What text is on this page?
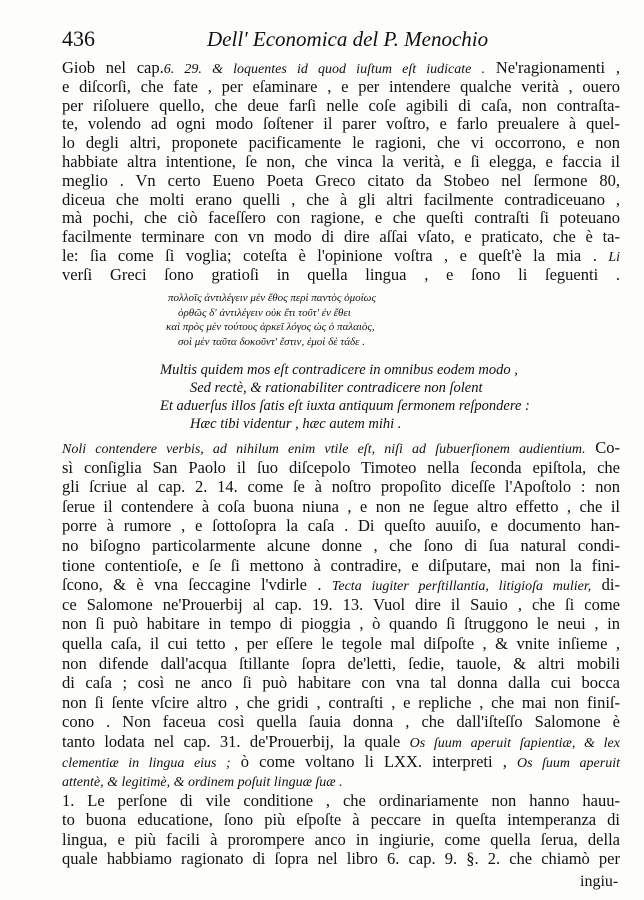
436	Dell' Economica del P. Menochio
Giob nel cap.6. 29. & loquentes id quod iuſtum eſt iudicate . Ne'ragionamenti ,
e diſcorſi, che fate , per eſaminare , e per intendere qualche verità , ouero
per riſoluere quello, che deue farſi nelle coſe agibili di caſa, non contraſta-
te, volendo ad ogni modo ſoſtener il parer voſtro, e farlo preualere à quel-
lo degli altri, proponete pacificamente le ragioni, che vi occorrono, e non
habbiate altra intentione, ſe non, che vinca la verità, e ſi elegga, e faccia il
meglio . Vn certo Eueno Poeta Greco citato da Stobeo nel ſermone 80,
diceua che molti erano quelli , che à gli altri facilmente contradiceuano ,
mà pochi, che ciò faceſſero con ragione, e che queſti contraſti ſi poteuano
facilmente terminare con vn modo di dire aſſai vſato, e praticato, che è ta-
le: ſia come ſi voglia; coteſta è l'opinione voſtra , e queſt'è la mia . Li
verſi Greci ſono gratioſi in quella lingua , e ſono li ſeguenti .
πολλοῖς ἀντιλέγειν μὲν ἔθος περὶ παντὸς ὁμοίως
ὀρθῶς δ' ἀντιλέγειν οὐκ ἔτι τοῦτ' ἐν ἔθει
καὶ πρὸς μὲν τούτους ἀρκεῖ λόγος ὡς ὁ παλαιὸς,
σοὶ μὲν ταῦτα δοκοῦντ' ἔστιν, ἐμοὶ δὲ τάδε .
Multis quidem mos eſt contradicere in omnibus eodem modo ,
Sed rectè, & rationabiliter contradicere non ſolent
Et aduerſus illos ſatis eſt iuxta antiquum ſermonem reſpondere :
Hæc tibi videntur , hæc autem mihi .
Noli contendere verbis, ad nihilum enim vtile eſt, niſi ad ſubuerſionem audientium. Co-
sì conſiglia San Paolo il ſuo diſcepolo Timoteo nella ſeconda epiſtola, che
gli ſcriue al cap. 2. 14. come ſe à noſtro propoſito diceſſe l'Apoſtolo : non
ſerue il contendere à coſa buona niuna , e non ne ſegue altro effetto , che il
porre à rumore , e ſottoſopra la caſa . Di queſto auuiſo, e documento han-
no biſogno particolarmente alcune donne , che ſono di ſua natural condi-
tione contentioſe, e ſe ſi mettono à contradire, e diſputare, mai non la fini-
ſcono, & è vna ſeccagine l'vdirle . Tecta iugiter perſtillantia, litigioſa mulier, di-
ce Salomone ne'Prouerbij al cap. 19. 13. Vuol dire il Sauio , che ſi come
non ſi può habitare in tempo di pioggia , ò quando ſi ſtruggono le neui , in
quella caſa, il cui tetto , per eſſere le tegole mal diſpoſte , & vnite inſieme ,
non difende dall'acqua ſtillante ſopra de'letti, ſedie, tauole, & altri mobili
di caſa ; così ne anco ſi può habitare con vna tal donna dalla cui bocca
non ſi ſente vſcire altro , che gridi , contraſti , e repliche , che mai non finiſ-
cono . Non faceua così quella ſauia donna , che dall'iſteſſo Salomone è
tanto lodata nel cap. 31. de'Prouerbij, la quale Os ſuum aperuit ſapientiæ, & lex
clementiæ in lingua eius ; ò come voltano li LXX. interpreti , Os ſuum aperuit
attentè, & legitimè, & ordinem poſuit linguæ ſuæ .
1. Le perſone di vile conditione , che ordinariamente non hanno hauu-
to buona educatione, ſono più eſpoſte à peccare in queſta intemperanza di
lingua, e più facili à prorompere anco in ingiurie, come quella ſerua, della
quale habbiamo ragionato di ſopra nel libro 6. cap. 9. §. 2. che chiamò per
ingiu-
